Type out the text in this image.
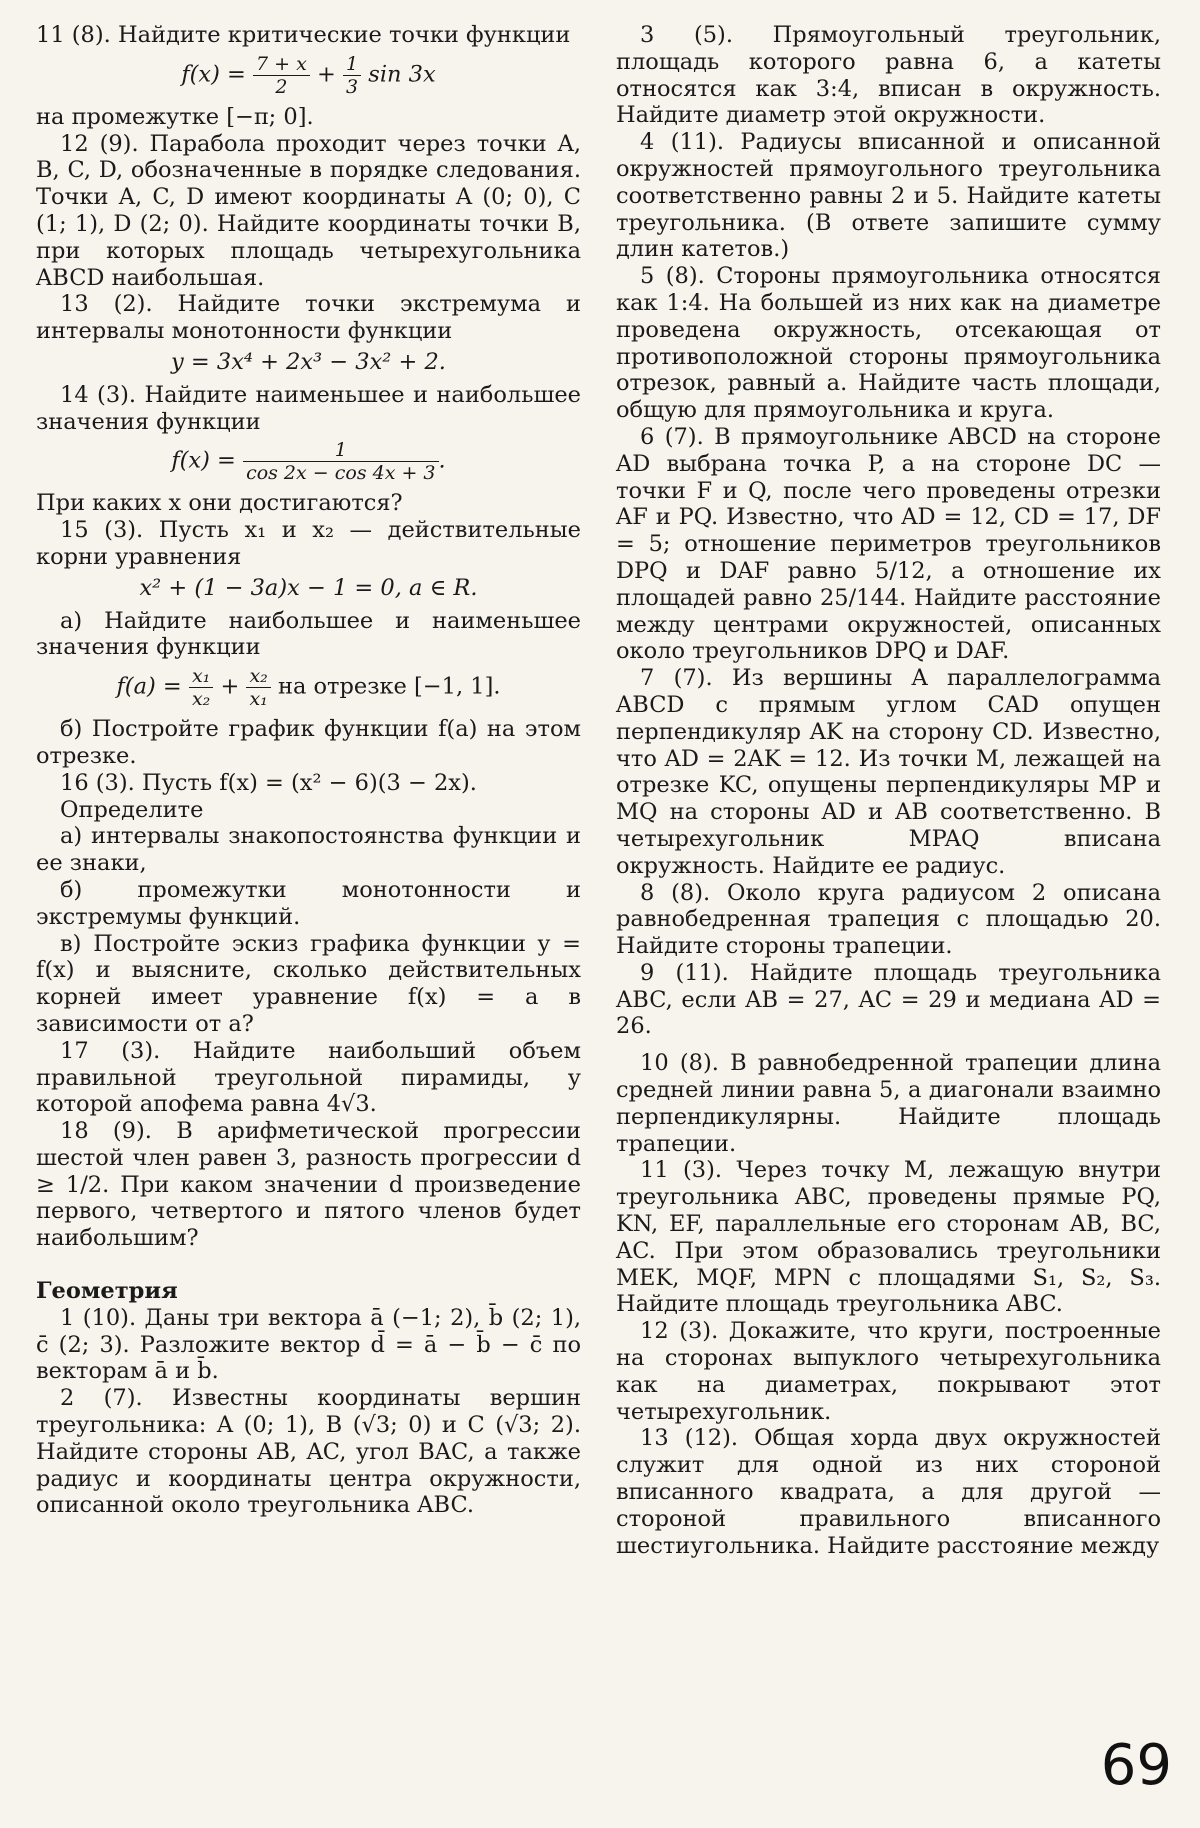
11 (8). Найдите критические точки функции

$f(x) = \frac{7 + x}{2} + \frac{1}{3}$ sin 3x

на промежутке [−π; 0].

12 (9). Парабола проходит через точки A, B, C, D, обозначенные в порядке следования. Точки A, C, D имеют координаты A (0; 0), C (1; 1), D (2; 0). Найдите координаты точки B, при которых площадь четырехугольника ABCD наибольшая.

13 (2). Найдите точки экстремума и интервалы монотонности функции

y = 3x⁴ + 2x³ − 3x² + 2.

14 (3). Найдите наименьшее и наибольшее значения функции

$f(x) = \frac{1}{\cos 2x - \cos 4x + 3}$ .

При каких x они достигаются?

15 (3). Пусть x₁ и x₂ — действительные корни уравнения

x² + (1 − 3a)x − 1 = 0, a ∈ R.

а) Найдите наибольшее и наименьшее значения функции

$f(a) = \frac{\text{x₁}}{\text{x₂}} + \frac{\text{x₂}}{\text{x₁}}$ на отрезке [−1, 1].

б) Постройте график функции f(a) на этом отрезке.

16 (3). Пусть f(x) = (x² − 6)(3 − 2x).

Определите

а) интервалы знакопостоянства функции и ее знаки,

б) промежутки монотонности и экстремумы функций.

в) Постройте эскиз графика функции y = f(x) и выясните, сколько действительных корней имеет уравнение f(x) = a в зависимости от a?

17 (3). Найдите наибольший объем правильной треугольной пирамиды, у которой апофема равна 4√3.

18 (9). В арифметической прогрессии шестой член равен 3, разность прогрессии d ≥ 1/2. При каком значении d произведение первого, четвертого и пятого членов будет наибольшим?

Геометрия

1 (10). Даны три вектора ā (−1; 2), b̄ (2; 1), c̄ (2; 3). Разложите вектор d̄ = ā − b̄ − c̄ по векторам ā и b̄.

2 (7). Известны координаты вершин треугольника: A (0; 1), B (√3; 0) и C (√3; 2). Найдите стороны AB, AC, угол BAC, а также радиус и координаты центра окружности, описанной около треугольника ABC.

3 (5). Прямоугольный треугольник, площадь которого равна 6, а катеты относятся как 3:4, вписан в окружность. Найдите диаметр этой окружности.

4 (11). Радиусы вписанной и описанной окружностей прямоугольного треугольника соответственно равны 2 и 5. Найдите катеты треугольника. (В ответе запишите сумму длин катетов.)

5 (8). Стороны прямоугольника относятся как 1:4. На большей из них как на диаметре проведена окружность, отсекающая от противоположной стороны прямоугольника отрезок, равный a. Найдите часть площади, общую для прямоугольника и круга.

6 (7). В прямоугольнике ABCD на стороне AD выбрана точка P, а на стороне DC — точки F и Q, после чего проведены отрезки AF и PQ. Известно, что AD = 12, CD = 17, DF = 5; отношение периметров треугольников DPQ и DAF равно 5/12, а отношение их площадей равно 25/144. Найдите расстояние между центрами окружностей, описанных около треугольников DPQ и DAF.

7 (7). Из вершины A параллелограмма ABCD с прямым углом CAD опущен перпендикуляр AK на сторону CD. Известно, что AD = 2AK = 12. Из точки M, лежащей на отрезке KC, опущены перпендикуляры MP и MQ на стороны AD и AB соответственно. В четырехугольник MPAQ вписана окружность. Найдите ее радиус.

8 (8). Около круга радиусом 2 описана равнобедренная трапеция с площадью 20. Найдите стороны трапеции.

9 (11). Найдите площадь треугольника ABC, если AB = 27, AC = 29 и медиана AD = 26.

10 (8). В равнобедренной трапеции длина средней линии равна 5, а диагонали взаимно перпендикулярны. Найдите площадь трапеции.

11 (3). Через точку M, лежащую внутри треугольника ABC, проведены прямые PQ, KN, EF, параллельные его сторонам AB, BC, AC. При этом образовались треугольники MEK, MQF, MPN с площадями S₁, S₂, S₃. Найдите площадь треугольника ABC.

12 (3). Докажите, что круги, построенные на сторонах выпуклого четырехугольника как на диаметрах, покрывают этот четырехугольник.

13 (12). Общая хорда двух окружностей служит для одной из них стороной вписанного квадрата, а для другой — стороной правильного вписанного шестиугольника. Найдите расстояние между

69
